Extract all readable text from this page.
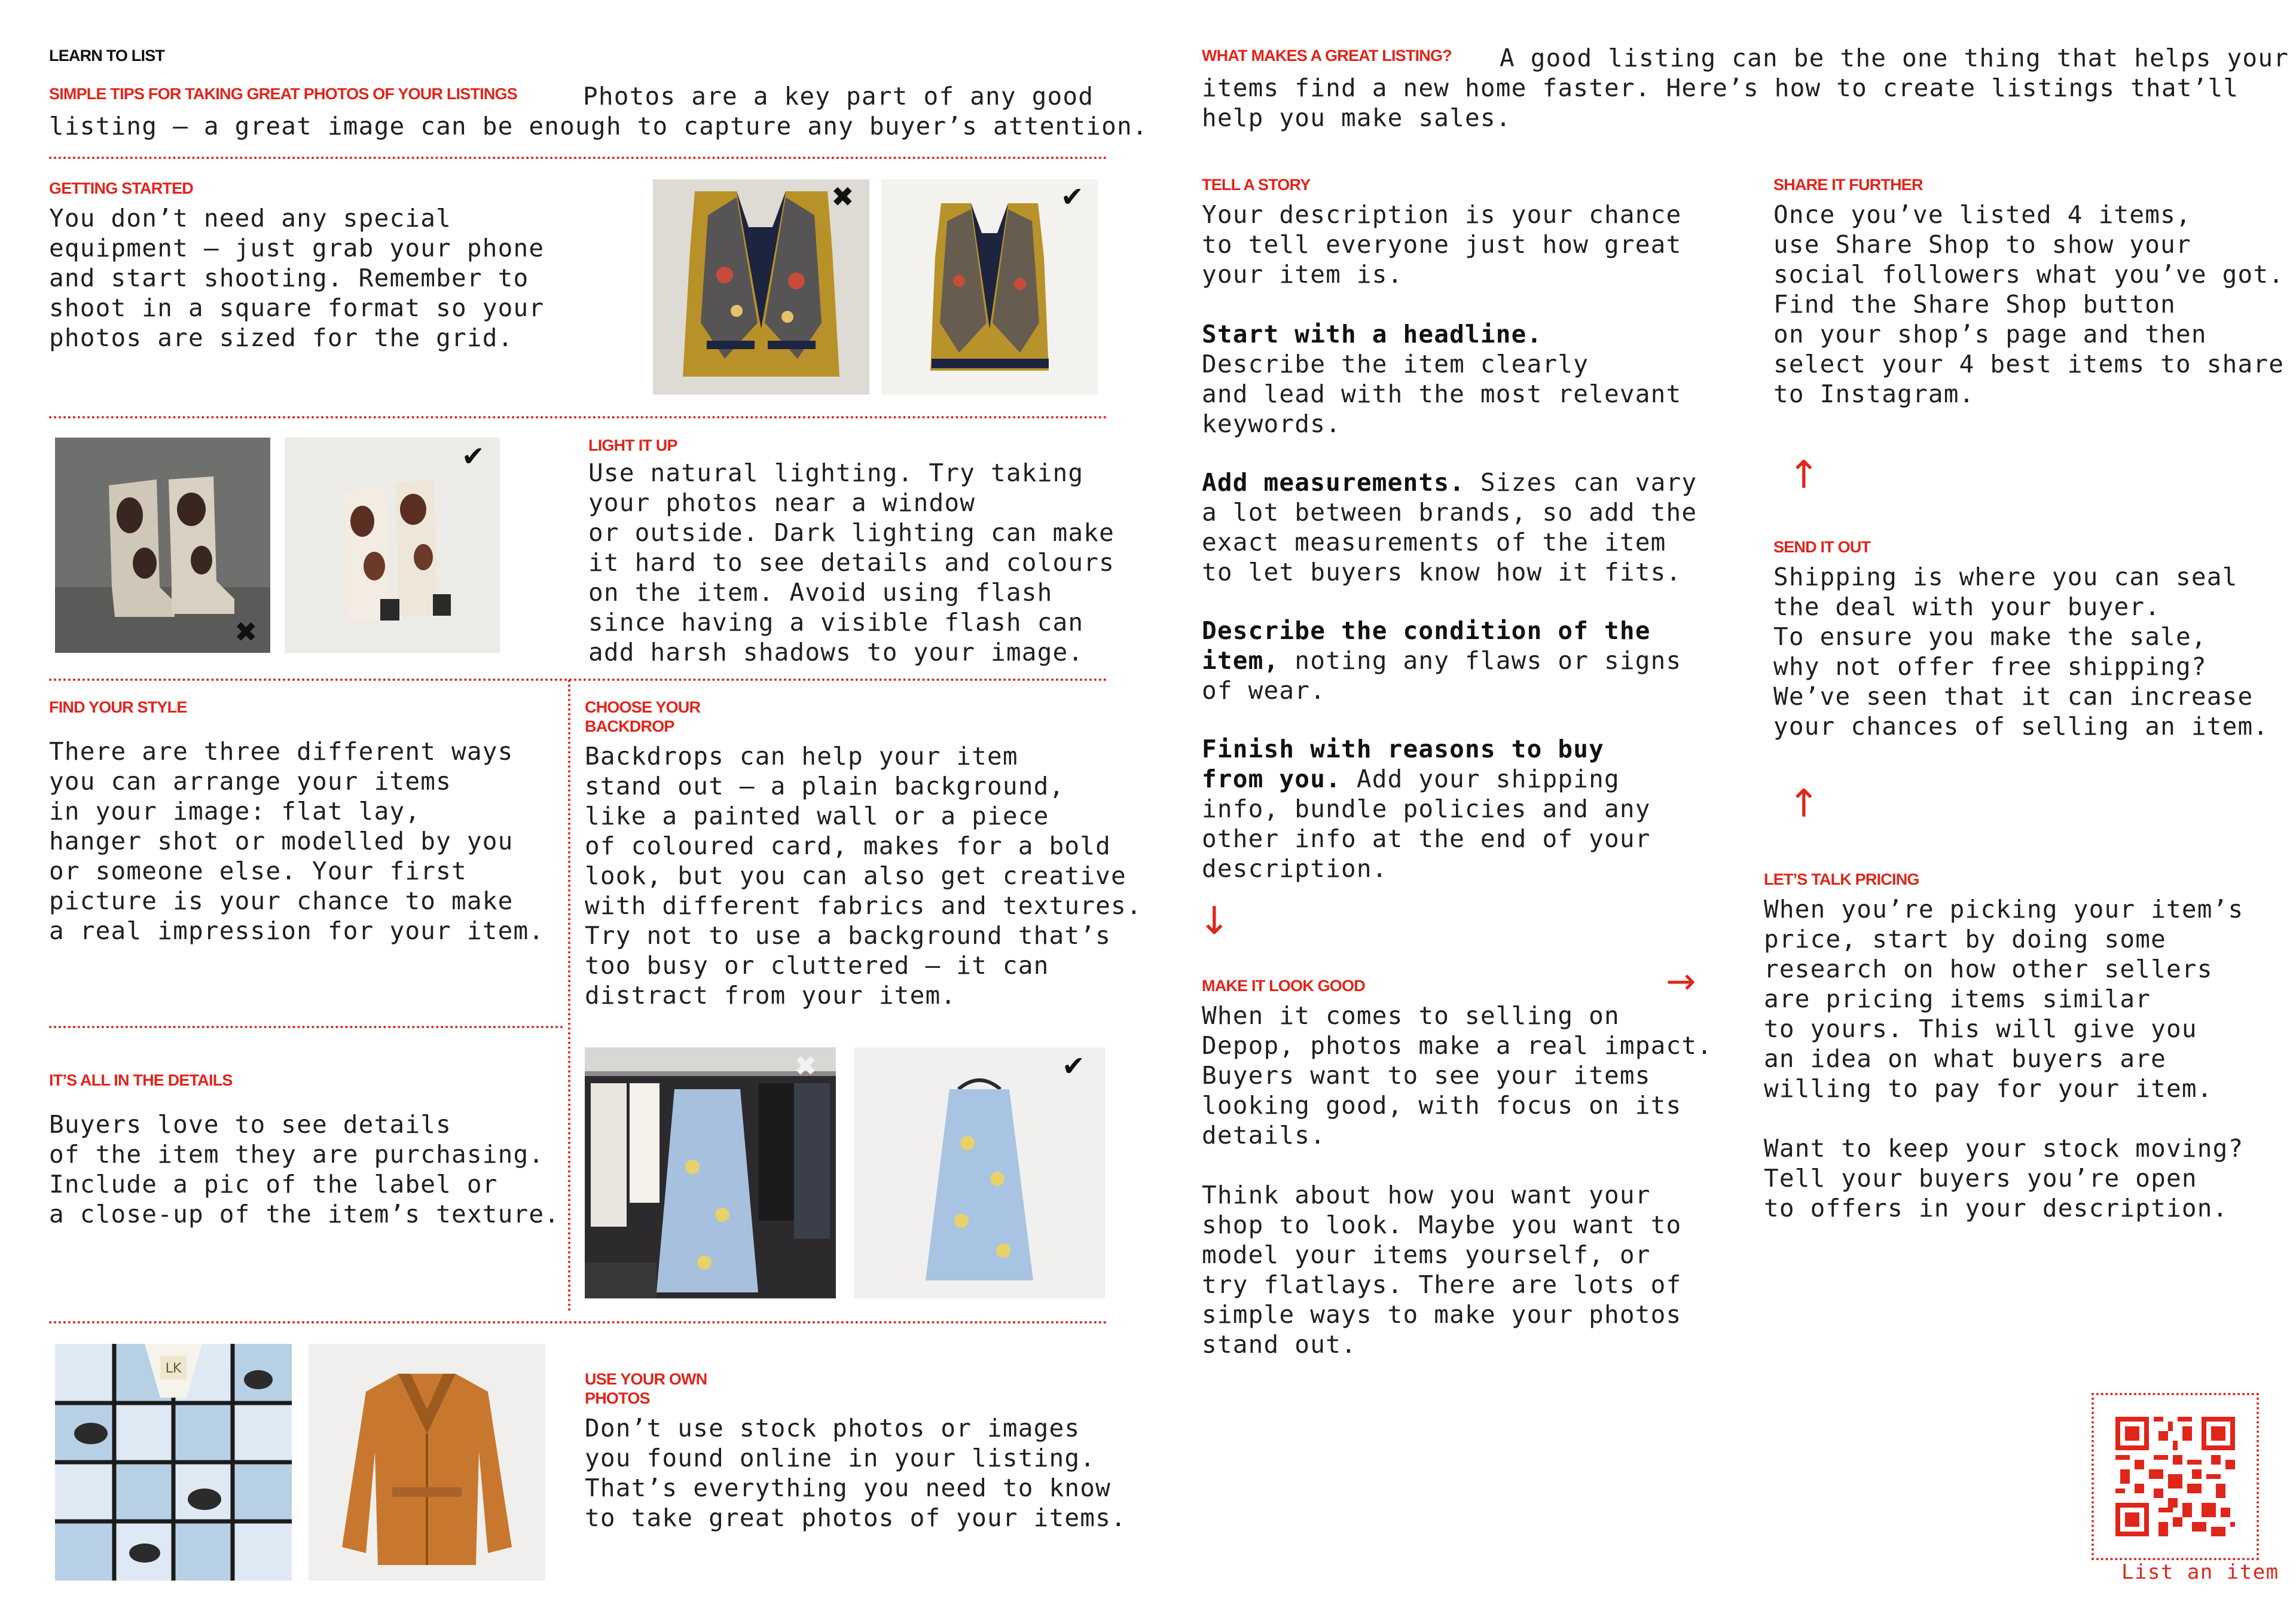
LEARN TO LIST
SIMPLE TIPS FOR TAKING GREAT PHOTOS OF YOUR LISTINGS	Photos are a key part of any good
listing – a great image can be enough to capture any buyer’s attention.
GETTING STARTED
You don’t need any special
equipment – just grab your phone
and start shooting. Remember to
shoot in a square format so your
photos are sized for the grid.
✖	✔
✖
✔	LIGHT IT UP
Use natural lighting. Try taking
your photos near a window
or outside. Dark lighting can make
it hard to see details and colours
on the item. Avoid using flash
since having a visible flash can
add harsh shadows to your image.
FIND YOUR STYLE
There are three different ways
you can arrange your items
in your image: flat lay,
hanger shot or modelled by you
or someone else. Your first
picture is your chance to make
a real impression for your item.
CHOOSE YOUR
BACKDROP
Backdrops can help your item
stand out – a plain background,
like a painted wall or a piece
of coloured card, makes for a bold
look, but you can also get creative
with different fabrics and textures.
Try not to use a background that’s
too busy or cluttered – it can
distract from your item.
IT’S ALL IN THE DETAILS
Buyers love to see details
of the item they are purchasing.
Include a pic of the label or
a close-up of the item’s texture.
✖	✔
LK
USE YOUR OWN
PHOTOS
Don’t use stock photos or images
you found online in your listing.
That’s everything you need to know
to take great photos of your items.
WHAT MAKES A GREAT LISTING? A good listing can be the one thing that helps your
items find a new home faster. Here’s how to create listings that’ll
help you make sales.
TELL A STORY
Your description is your chance
to tell everyone just how great
your item is.
Start with a headline.
Describe the item clearly
and lead with the most relevant
keywords.
Add measurements. Sizes can vary
a lot between brands, so add the
exact measurements of the item
to let buyers know how it fits.
Describe the condition of the
item, noting any flaws or signs
of wear.
Finish with reasons to buy
from you. Add your shipping
info, bundle policies and any
other info at the end of your
description.
↓
MAKE IT LOOK GOOD
When it comes to selling on
Depop, photos make a real impact.
Buyers want to see your items
looking good, with focus on its
details.
Think about how you want your
shop to look. Maybe you want to
model your items yourself, or
try flatlays. There are lots of
simple ways to make your photos
stand out.
→
SHARE IT FURTHER
Once you’ve listed 4 items,
use Share Shop to show your
social followers what you’ve got.
Find the Share Shop button
on your shop’s page and then
select your 4 best items to share
to Instagram.
↑
SEND IT OUT
Shipping is where you can seal
the deal with your buyer.
To ensure you make the sale,
why not offer free shipping?
We’ve seen that it can increase
your chances of selling an item.
↑
LET’S TALK PRICING
When you’re picking your item’s
price, start by doing some
research on how other sellers
are pricing items similar
to yours. This will give you
an idea on what buyers are
willing to pay for your item.
Want to keep your stock moving?
Tell your buyers you’re open
to offers in your description.
List an item
